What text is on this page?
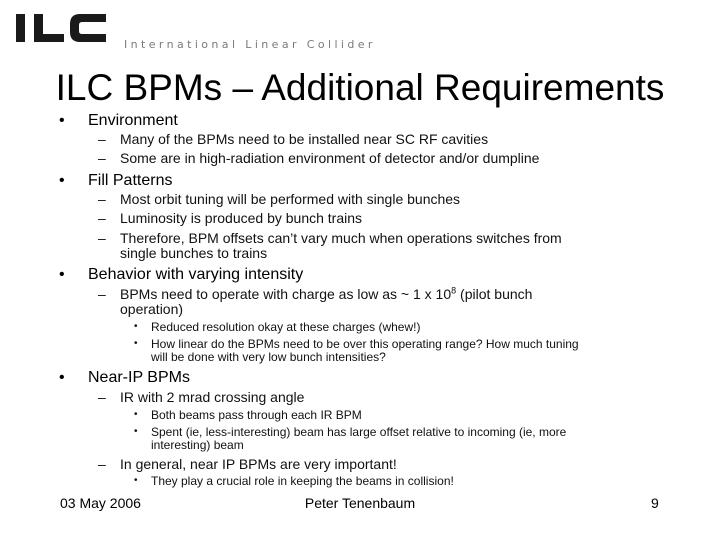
International Linear Collider
ILC BPMs – Additional Requirements
• Environment
– Many of the BPMs need to be installed near SC RF cavities
– Some are in high-radiation environment of detector and/or dumpline
• Fill Patterns
– Most orbit tuning will be performed with single bunches
– Luminosity is produced by bunch trains
– Therefore, BPM offsets can’t vary much when operations switches from
single bunches to trains
• Behavior with varying intensity
– BPMs need to operate with charge as low as ~ 1 x $10^8$ (pilot bunch
operation)
• Reduced resolution okay at these charges (whew!)
• How linear do the BPMs need to be over this operating range? How much tuning
will be done with very low bunch intensities?
• Near-IP BPMs
– IR with 2 mrad crossing angle
• Both beams pass through each IR BPM
• Spent (ie, less-interesting) beam has large offset relative to incoming (ie, more
interesting) beam
– In general, near IP BPMs are very important!
• They play a crucial role in keeping the beams in collision!
03 May 2006	Peter Tenenbaum	9
